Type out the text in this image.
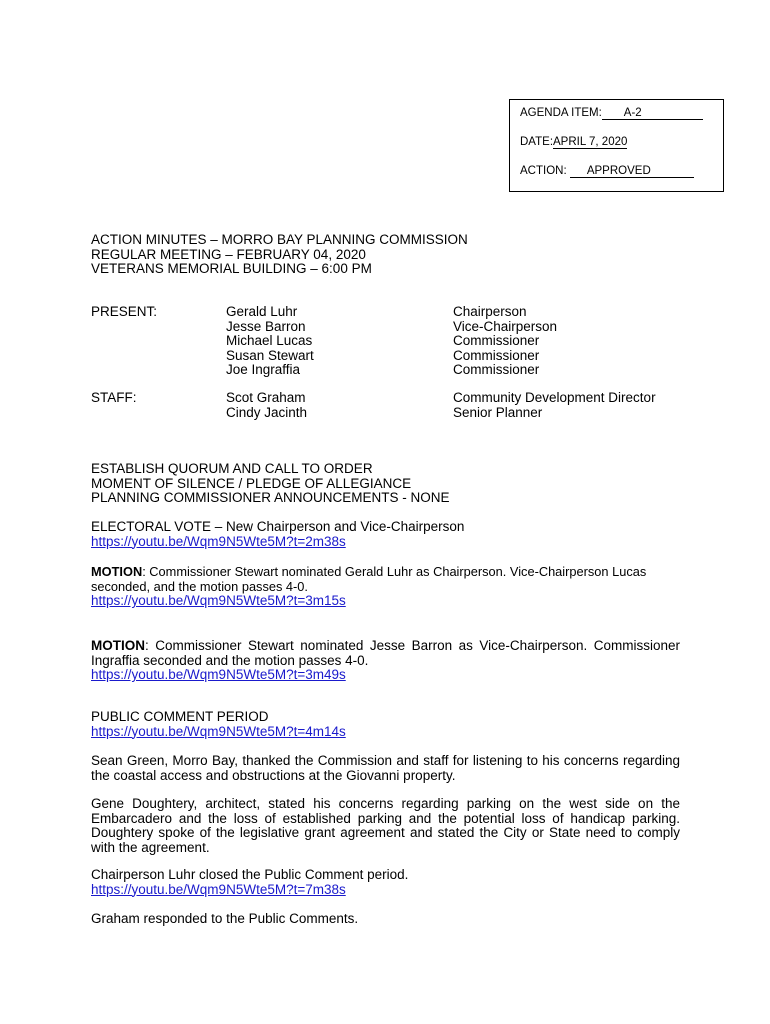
AGENDA ITEM: A-2
DATE:APRIL 7, 2020
ACTION: APPROVED
ACTION MINUTES – MORRO BAY PLANNING COMMISSION
REGULAR MEETING – FEBRUARY 04, 2020
VETERANS MEMORIAL BUILDING – 6:00 PM
PRESENT:	Gerald Luhr
Jesse Barron
Michael Lucas
Susan Stewart
Joe Ingraffia
Chairperson
Vice-Chairperson
Commissioner
Commissioner
Commissioner
STAFF:	Scot Graham
Cindy Jacinth
Community Development Director
Senior Planner
ESTABLISH QUORUM AND CALL TO ORDER
MOMENT OF SILENCE / PLEDGE OF ALLEGIANCE
PLANNING COMMISSIONER ANNOUNCEMENTS - NONE
ELECTORAL VOTE – New Chairperson and Vice-Chairperson
https://youtu.be/Wqm9N5Wte5M?t=2m38s
MOTION: Commissioner Stewart nominated Gerald Luhr as Chairperson. Vice-Chairperson Lucas seconded, and the motion passes 4-0.
https://youtu.be/Wqm9N5Wte5M?t=3m15s
MOTION: Commissioner Stewart nominated Jesse Barron as Vice-Chairperson. Commissioner Ingraffia seconded and the motion passes 4-0.
https://youtu.be/Wqm9N5Wte5M?t=3m49s
PUBLIC COMMENT PERIOD
https://youtu.be/Wqm9N5Wte5M?t=4m14s
Sean Green, Morro Bay, thanked the Commission and staff for listening to his concerns regarding the coastal access and obstructions at the Giovanni property.
Gene Doughtery, architect, stated his concerns regarding parking on the west side on the Embarcadero and the loss of established parking and the potential loss of handicap parking. Doughtery spoke of the legislative grant agreement and stated the City or State need to comply with the agreement.
Chairperson Luhr closed the Public Comment period.
https://youtu.be/Wqm9N5Wte5M?t=7m38s
Graham responded to the Public Comments.
